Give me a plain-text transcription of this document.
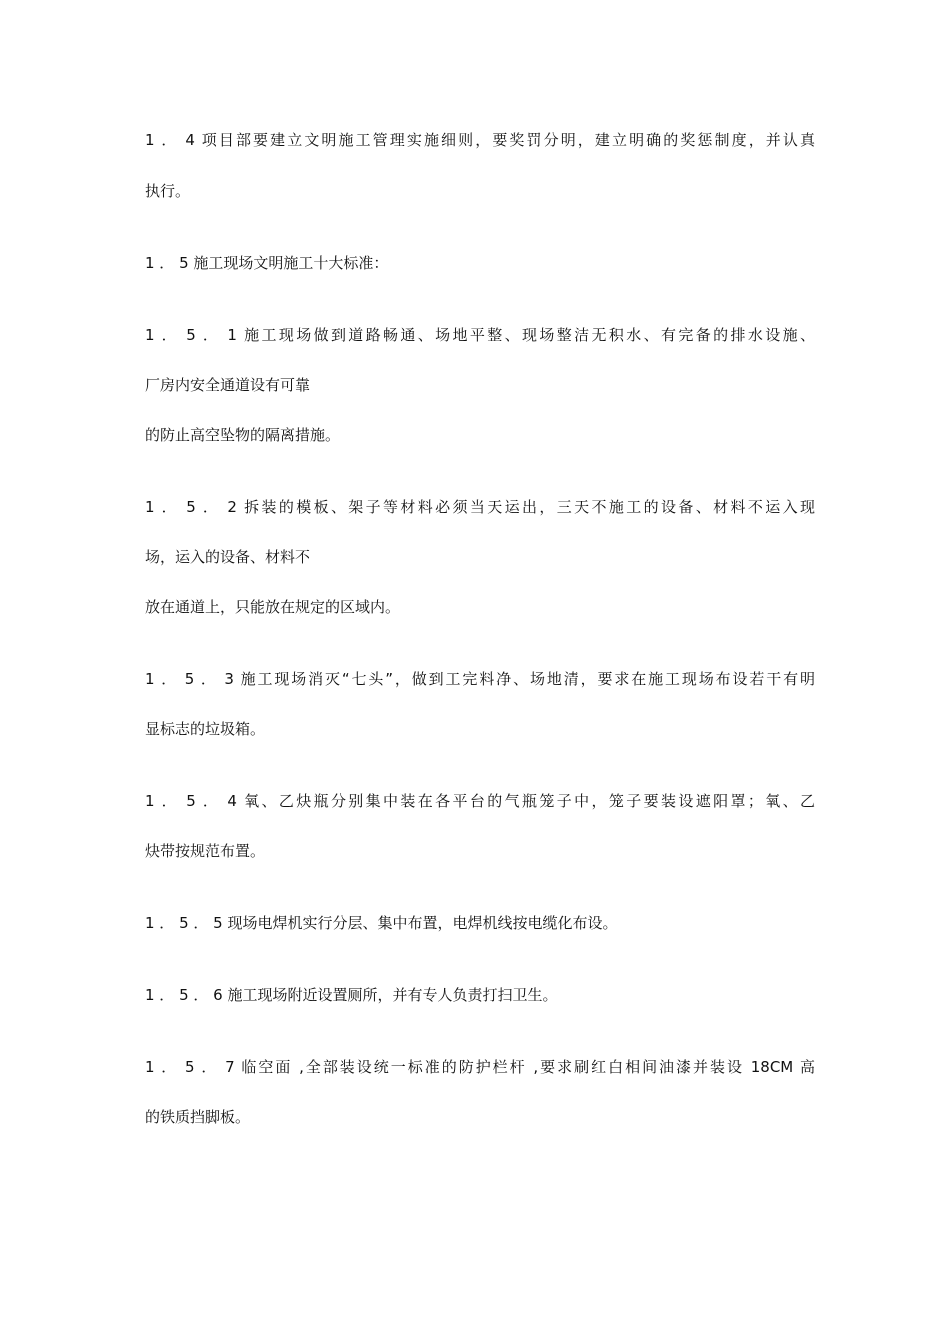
1 ． 4 项目部要建立文明施工管理实施细则，要奖罚分明，建立明确的奖惩制度，并认真
执行。
1 ． 5 施工现场文明施工十大标准：
1 ． 5 ． 1 施工现场做到道路畅通、场地平整、现场整洁无积水、有完备的排水设施、
厂房内安全通道设有可靠
的防止高空坠物的隔离措施。
1 ． 5 ． 2 拆装的模板、架子等材料必须当天运出，三天不施工的设备、材料不运入现
场，运入的设备、材料不
放在通道上，只能放在规定的区域内。
1 ． 5 ． 3 施工现场消灭“七头”，做到工完料净、场地清，要求在施工现场布设若干有明
显标志的垃圾箱。
1 ． 5 ． 4 氧、乙炔瓶分别集中装在各平台的气瓶笼子中，笼子要装设遮阳罩；氧、乙
炔带按规范布置。
1 ． 5 ． 5 现场电焊机实行分层、集中布置，电焊机线按电缆化布设。
1 ． 5 ． 6 施工现场附近设置厕所，并有专人负责打扫卫生。
1 ． 5 ． 7 临空面 ,全部装设统一标准的防护栏杆 ,要求刷红白相间油漆并装设 18CM 高
的铁质挡脚板。
